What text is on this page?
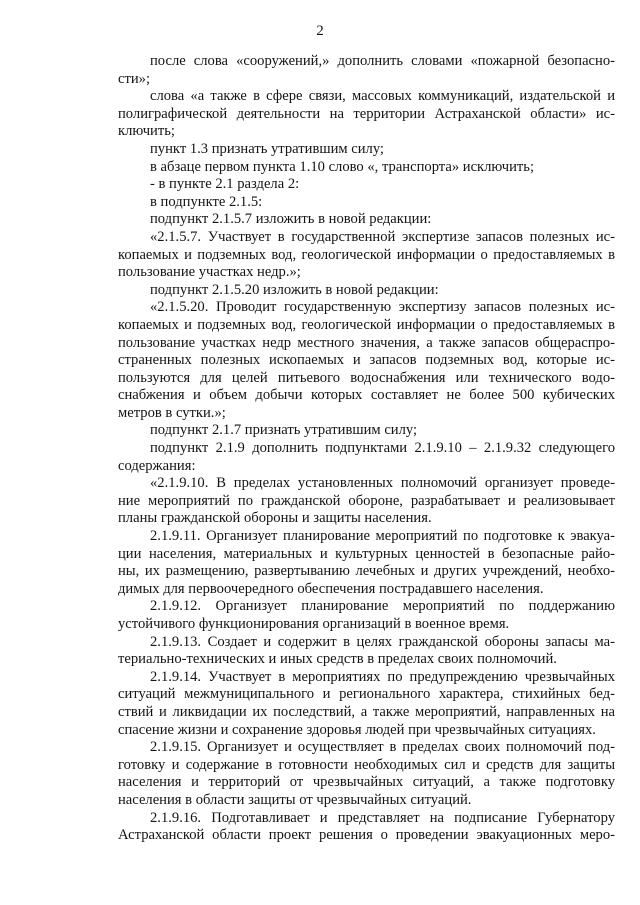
2
после слова «сооружений,» дополнить словами «пожарной безопасно-
сти»;
слова «а также в сфере связи, массовых коммуникаций, издательской и
полиграфической деятельности на территории Астраханской области» ис-
ключить;
пункт 1.3 признать утратившим силу;
в абзаце первом пункта 1.10 слово «, транспорта» исключить;
- в пункте 2.1 раздела 2:
в подпункте 2.1.5:
подпункт 2.1.5.7 изложить в новой редакции:
«2.1.5.7. Участвует в государственной экспертизе запасов полезных ис-
копаемых и подземных вод, геологической информации о предоставляемых в
пользование участках недр.»;
подпункт 2.1.5.20 изложить в новой редакции:
«2.1.5.20. Проводит государственную экспертизу запасов полезных ис-
копаемых и подземных вод, геологической информации о предоставляемых в
пользование участках недр местного значения, а также запасов общераспро-
страненных полезных ископаемых и запасов подземных вод, которые ис-
пользуются для целей питьевого водоснабжения или технического водо-
снабжения и объем добычи которых составляет не более 500 кубических
метров в сутки.»;
подпункт 2.1.7 признать утратившим силу;
подпункт 2.1.9 дополнить подпунктами 2.1.9.10 – 2.1.9.32 следующего
содержания:
«2.1.9.10. В пределах установленных полномочий организует проведе-
ние мероприятий по гражданской обороне, разрабатывает и реализовывает
планы гражданской обороны и защиты населения.
2.1.9.11. Организует планирование мероприятий по подготовке к эвакуа-
ции населения, материальных и культурных ценностей в безопасные райо-
ны, их размещению, развертыванию лечебных и других учреждений, необхо-
димых для первоочередного обеспечения пострадавшего населения.
2.1.9.12. Организует планирование мероприятий по поддержанию
устойчивого функционирования организаций в военное время.
2.1.9.13. Создает и содержит в целях гражданской обороны запасы ма-
териально-технических и иных средств в пределах своих полномочий.
2.1.9.14. Участвует в мероприятиях по предупреждению чрезвычайных
ситуаций межмуниципального и регионального характера, стихийных бед-
ствий и ликвидации их последствий, а также мероприятий, направленных на
спасение жизни и сохранение здоровья людей при чрезвычайных ситуациях.
2.1.9.15. Организует и осуществляет в пределах своих полномочий под-
готовку и содержание в готовности необходимых сил и средств для защиты
населения и территорий от чрезвычайных ситуаций, а также подготовку
населения в области защиты от чрезвычайных ситуаций.
2.1.9.16. Подготавливает и представляет на подписание Губернатору
Астраханской области проект решения о проведении эвакуационных меро-
